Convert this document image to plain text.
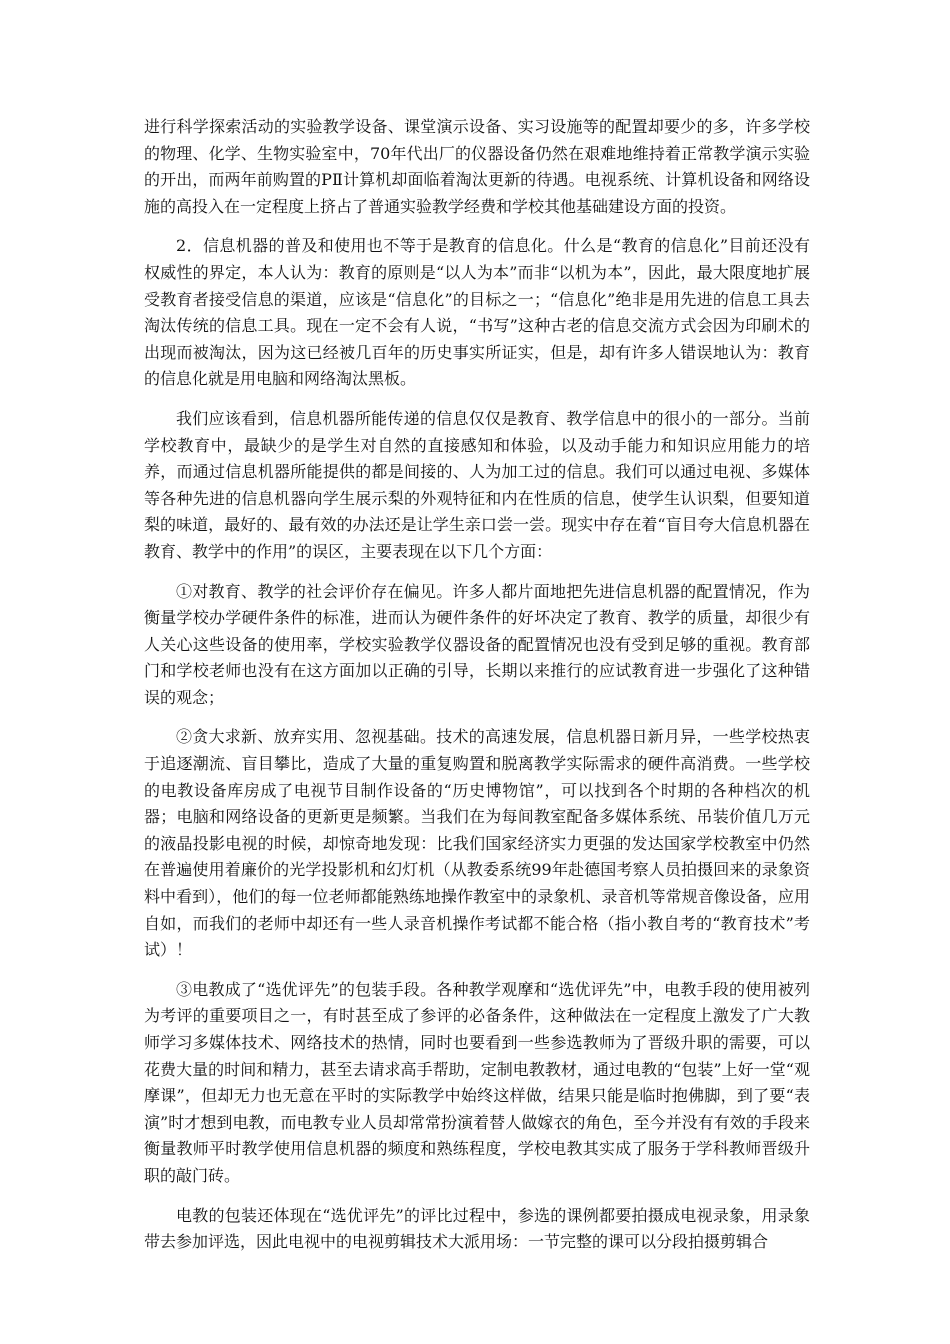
进行科学探索活动的实验教学设备、课堂演示设备、实习设施等的配置却要少的多，许多学校的物理、化学、生物实验室中，70年代出厂的仪器设备仍然在艰难地维持着正常教学演示实验的开出，而两年前购置的PⅡ计算机却面临着淘汰更新的待遇。电视系统、计算机设备和网络设施的高投入在一定程度上挤占了普通实验教学经费和学校其他基础建设方面的投资。

2．信息机器的普及和使用也不等于是教育的信息化。什么是“教育的信息化”目前还没有权威性的界定，本人认为：教育的原则是“以人为本”而非“以机为本”，因此，最大限度地扩展受教育者接受信息的渠道，应该是“信息化”的目标之一；“信息化”绝非是用先进的信息工具去淘汰传统的信息工具。现在一定不会有人说，“书写”这种古老的信息交流方式会因为印刷术的出现而被淘汰，因为这已经被几百年的历史事实所证实，但是，却有许多人错误地认为：教育的信息化就是用电脑和网络淘汰黑板。

我们应该看到，信息机器所能传递的信息仅仅是教育、教学信息中的很小的一部分。当前学校教育中，最缺少的是学生对自然的直接感知和体验，以及动手能力和知识应用能力的培养，而通过信息机器所能提供的都是间接的、人为加工过的信息。我们可以通过电视、多媒体等各种先进的信息机器向学生展示梨的外观特征和内在性质的信息，使学生认识梨，但要知道梨的味道，最好的、最有效的办法还是让学生亲口尝一尝。现实中存在着“盲目夸大信息机器在教育、教学中的作用”的误区，主要表现在以下几个方面：

①对教育、教学的社会评价存在偏见。许多人都片面地把先进信息机器的配置情况，作为衡量学校办学硬件条件的标准，进而认为硬件条件的好坏决定了教育、教学的质量，却很少有人关心这些设备的使用率，学校实验教学仪器设备的配置情况也没有受到足够的重视。教育部门和学校老师也没有在这方面加以正确的引导，长期以来推行的应试教育进一步强化了这种错误的观念；

②贪大求新、放弃实用、忽视基础。技术的高速发展，信息机器日新月异，一些学校热衷于追逐潮流、盲目攀比，造成了大量的重复购置和脱离教学实际需求的硬件高消费。一些学校的电教设备库房成了电视节目制作设备的“历史博物馆”，可以找到各个时期的各种档次的机器；电脑和网络设备的更新更是频繁。当我们在为每间教室配备多媒体系统、吊装价值几万元的液晶投影电视的时候，却惊奇地发现：比我们国家经济实力更强的发达国家学校教室中仍然在普遍使用着廉价的光学投影机和幻灯机（从教委系统99年赴德国考察人员拍摄回来的录象资料中看到），他们的每一位老师都能熟练地操作教室中的录象机、录音机等常规音像设备，应用自如，而我们的老师中却还有一些人录音机操作考试都不能合格（指小教自考的“教育技术”考试）！

③电教成了“选优评先”的包装手段。各种教学观摩和“选优评先”中，电教手段的使用被列为考评的重要项目之一，有时甚至成了参评的必备条件，这种做法在一定程度上激发了广大教师学习多媒体技术、网络技术的热情，同时也要看到一些参选教师为了晋级升职的需要，可以花费大量的时间和精力，甚至去请求高手帮助，定制电教教材，通过电教的“包装”上好一堂“观摩课”，但却无力也无意在平时的实际教学中始终这样做，结果只能是临时抱佛脚，到了要“表演”时才想到电教，而电教专业人员却常常扮演着替人做嫁衣的角色，至今并没有有效的手段来衡量教师平时教学使用信息机器的频度和熟练程度，学校电教其实成了服务于学科教师晋级升职的敲门砖。

电教的包装还体现在“选优评先”的评比过程中，参选的课例都要拍摄成电视录象，用录象带去参加评选，因此电视中的电视剪辑技术大派用场：一节完整的课可以分段拍摄剪辑合
